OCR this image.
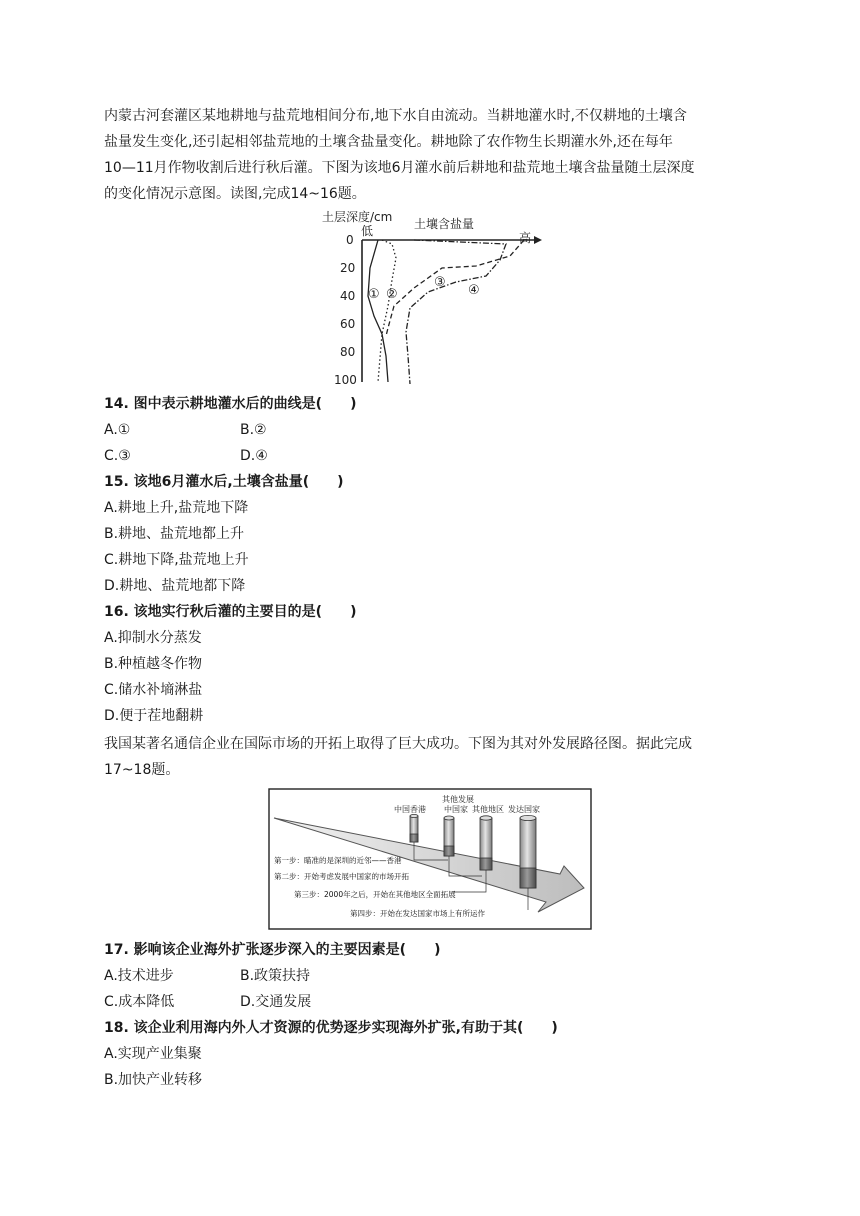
内蒙古河套灌区某地耕地与盐荒地相间分布,地下水自由流动。当耕地灌水时,不仅耕地的土壤含
盐量发生变化,还引起相邻盐荒地的土壤含盐量变化。耕地除了农作物生长期灌水外,还在每年
10—11月作物收割后进行秋后灌。下图为该地6月灌水前后耕地和盐荒地土壤含盐量随土层深度
的变化情况示意图。读图,完成14~16题。
土层深度/cm 土壤含盐量
低	高
0
20
40
60
80
100
① ②
③
④
14. 图中表示耕地灌水后的曲线是(　　)
A.①	B.②
C.③	D.④
15. 该地6月灌水后,土壤含盐量(　　)
A.耕地上升,盐荒地下降
B.耕地、盐荒地都上升
C.耕地下降,盐荒地上升
D.耕地、盐荒地都下降
16. 该地实行秋后灌的主要目的是(　　)
A.抑制水分蒸发
B.种植越冬作物
C.储水补墒淋盐
D.便于茬地翻耕
我国某著名通信企业在国际市场的开拓上取得了巨大成功。下图为其对外发展路径图。据此完成
17~18题。
中国香港
其他发展
中国家 其他地区 发达国家
第一步：瞄准的是深圳的近邻——香港
第二步：开始考虑发展中国家的市场开拓
第三步：2000年之后，开始在其他地区全面拓展
第四步：开始在发达国家市场上有所运作
17. 影响该企业海外扩张逐步深入的主要因素是(　　)
A.技术进步	B.政策扶持
C.成本降低	D.交通发展
18. 该企业利用海内外人才资源的优势逐步实现海外扩张,有助于其(　　)
A.实现产业集聚
B.加快产业转移
